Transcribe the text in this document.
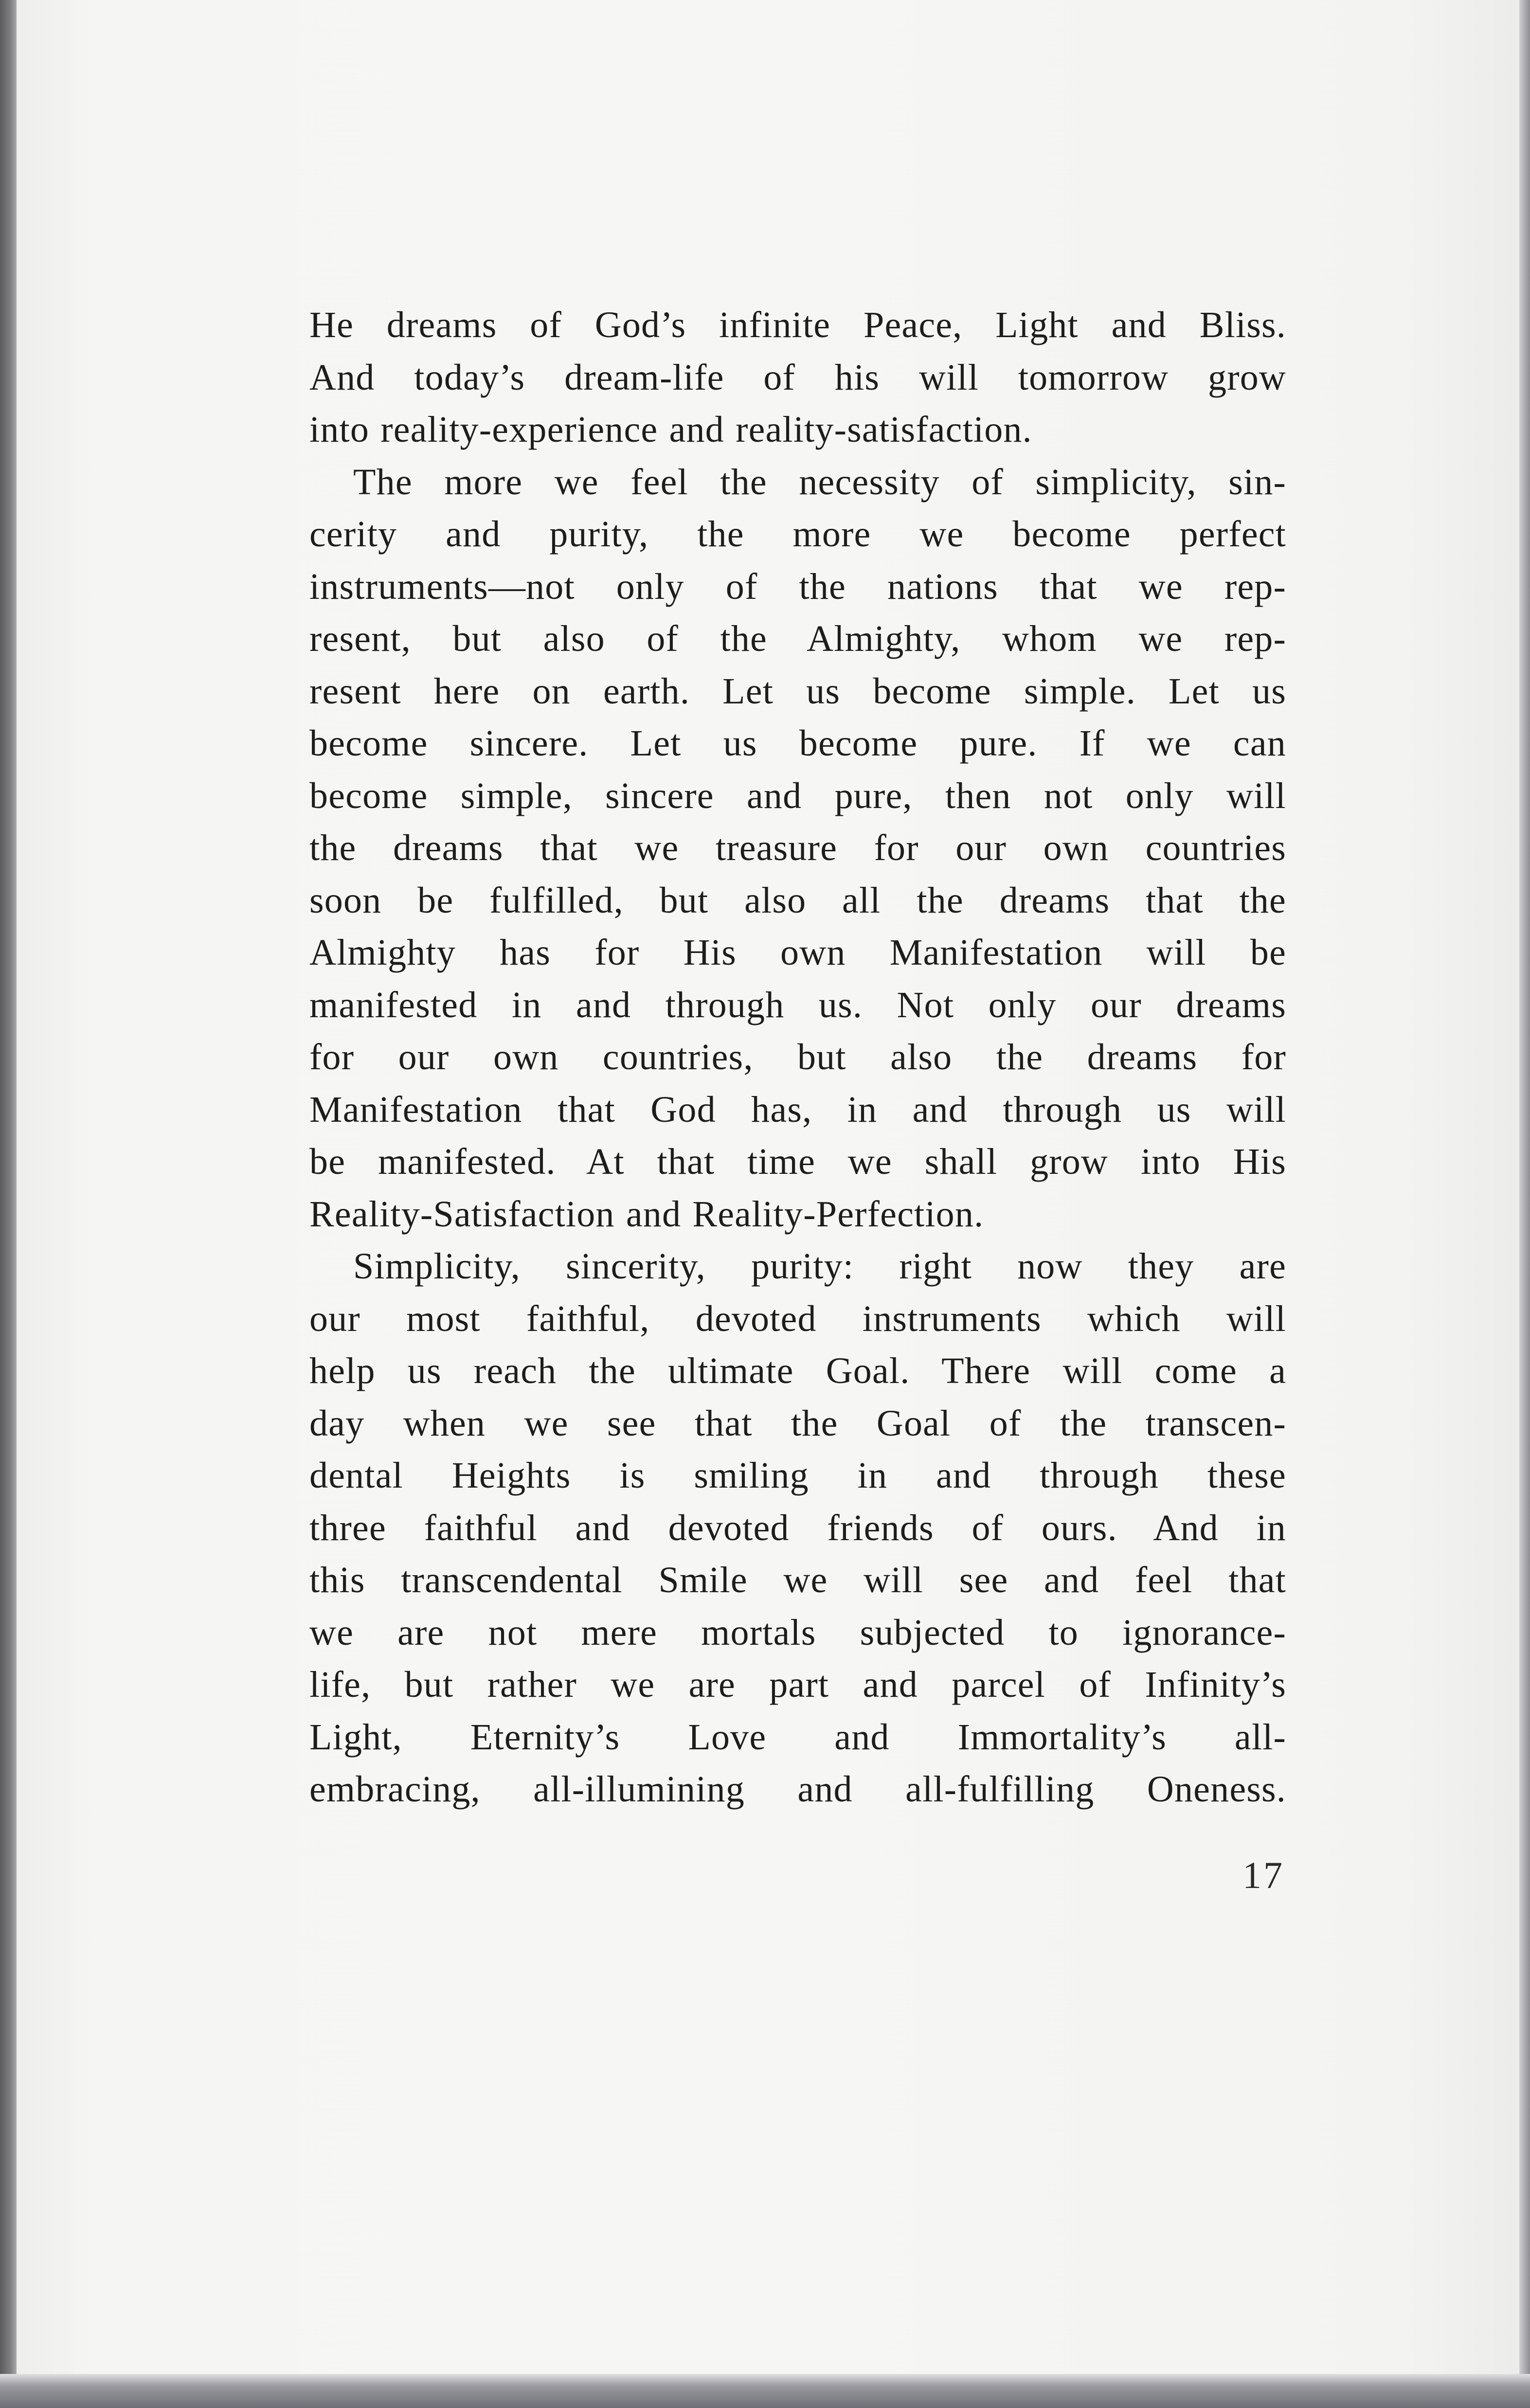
He dreams of God’s infinite Peace, Light and Bliss.
And today’s dream-life of his will tomorrow grow
into reality-experience and reality-satisfaction.
The more we feel the necessity of simplicity, sin-
cerity and purity, the more we become perfect
instruments—not only of the nations that we rep-
resent, but also of the Almighty, whom we rep-
resent here on earth. Let us become simple. Let us
become sincere. Let us become pure. If we can
become simple, sincere and pure, then not only will
the dreams that we treasure for our own countries
soon be fulfilled, but also all the dreams that the
Almighty has for His own Manifestation will be
manifested in and through us. Not only our dreams
for our own countries, but also the dreams for
Manifestation that God has, in and through us will
be manifested. At that time we shall grow into His
Reality-Satisfaction and Reality-Perfection.
Simplicity, sincerity, purity: right now they are
our most faithful, devoted instruments which will
help us reach the ultimate Goal. There will come a
day when we see that the Goal of the transcen-
dental Heights is smiling in and through these
three faithful and devoted friends of ours. And in
this transcendental Smile we will see and feel that
we are not mere mortals subjected to ignorance-
life, but rather we are part and parcel of Infinity’s
Light, Eternity’s Love and Immortality’s all-
embracing, all-illumining and all-fulfilling Oneness.
17
